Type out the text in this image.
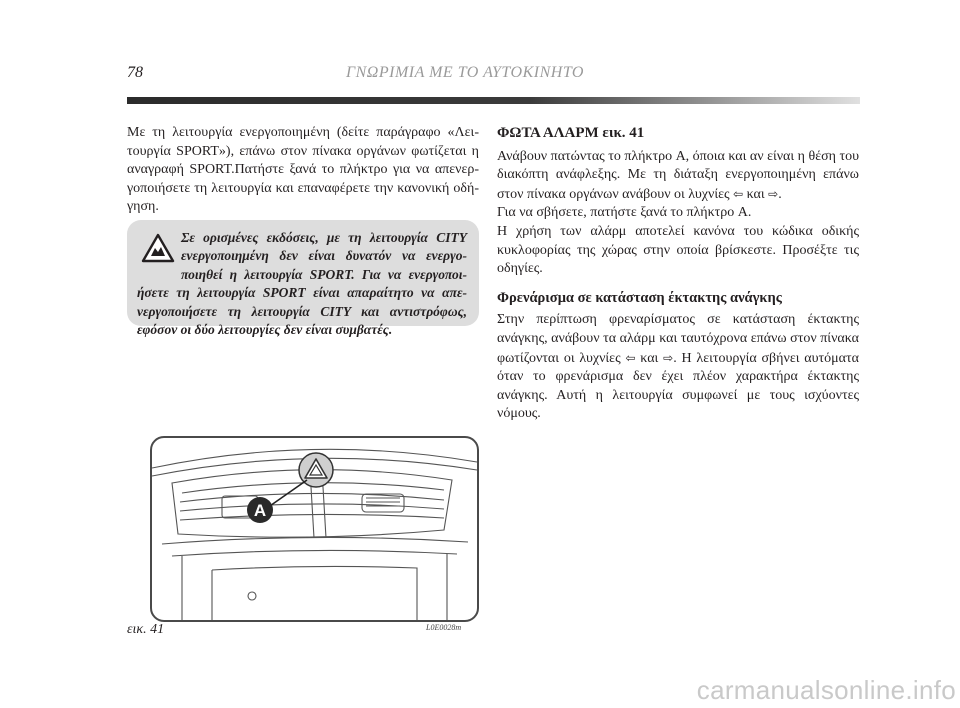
78	ΓΝΩΡΙΜΙΑ ΜΕ ΤΟ ΑΥΤΟΚΙΝΗΤΟ

Με τη λειτουργία ενεργοποιημένη (δείτε παράγραφο «Λει-τουργία SPORT»), επάνω στον πίνακα οργάνων φωτίζεται η αναγραφή SPORT.Πατήστε ξανά το πλήκτρο για να απενερ-γοποιήσετε τη λειτουργία και επαναφέρετε την κανονική οδή-γηση.

Σε ορισμένες εκδόσεις, με τη λειτουργία CITY ενεργοποιημένη δεν είναι δυνατόν να ενεργο-ποιηθεί η λειτουργία SPORT. Για να ενεργοποι-ήσετε τη λειτουργία SPORT είναι απαραίτητο να απε-νεργοποιήσετε τη λειτουργία CITY και αντιστρόφως, εφόσον οι δύο λειτουργίες δεν είναι συμβατές.

ΦΩΤΑ ΑΛΑΡΜ εικ. 41

Ανάβουν πατώντας το πλήκτρο A, όποια και αν είναι η θέση του διακόπτη ανάφλεξης. Με τη διάταξη ενεργοποιημένη επάνω στον πίνακα οργάνων ανάβουν οι λυχνίες ⇦ και ⇨.

Για να σβήσετε, πατήστε ξανά το πλήκτρο A.

Η χρήση των αλάρμ αποτελεί κανόνα του κώδικα οδικής κυκλοφορίας της χώρας στην οποία βρίσκεστε. Προσέξτε τις οδηγίες.

Φρενάρισμα σε κατάσταση έκτακτης ανάγκης

Στην περίπτωση φρεναρίσματος σε κατάσταση έκτακτης ανάγκης, ανάβουν τα αλάρμ και ταυτόχρονα επάνω στον πίνακα φωτίζονται οι λυχνίες ⇦ και ⇨. Η λειτουργία σβήνει αυτόματα όταν το φρενάρισμα δεν έχει πλέον χαρακτήρα έκτακτης ανάγκης. Αυτή η λειτουργία συμφωνεί με τους ισχύοντες νόμους.

A
εικ. 41	L0E0028m
carmanualsonline.info
